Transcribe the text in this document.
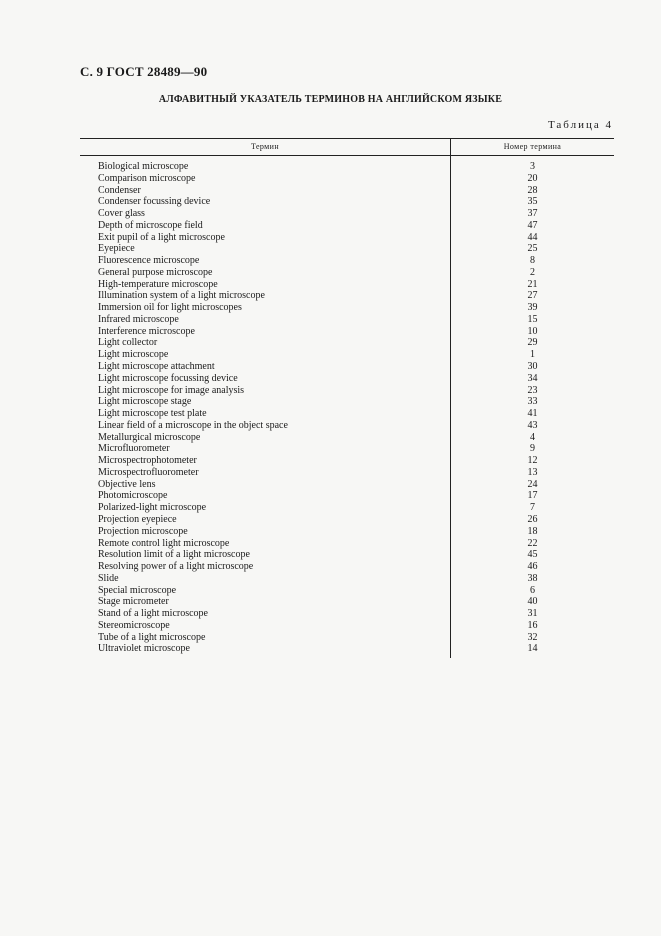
С. 9 ГОСТ 28489—90
АЛФАВИТНЫЙ УКАЗАТЕЛЬ ТЕРМИНОВ НА АНГЛИЙСКОМ ЯЗЫКЕ
Таблица 4
Термин	Номер термина
Biological microscope	3
Comparison microscope	20
Condenser	28
Condenser focussing device	35
Cover glass	37
Depth of microscope field	47
Exit pupil of a light microscope	44
Eyepiece	25
Fluorescence microscope	8
General purpose microscope	2
High-temperature microscope	21
Illumination system of a light microscope	27
Immersion oil for light microscopes	39
Infrared microscope	15
Interference microscope	10
Light collector	29
Light microscope	1
Light microscope attachment	30
Light microscope focussing device	34
Light microscope for image analysis	23
Light microscope stage	33
Light microscope test plate	41
Linear field of a microscope in the object space	43
Metallurgical microscope	4
Microfluorometer	9
Microspectrophotometer	12
Microspectrofluorometer	13
Objective lens	24
Photomicroscope	17
Polarized-light microscope	7
Projection eyepiece	26
Projection microscope	18
Remote control light microscope	22
Resolution limit of a light microscope	45
Resolving power of a light microscope	46
Slide	38
Special microscope	6
Stage micrometer	40
Stand of a light microscope	31
Stereomicroscope	16
Tube of a light microscope	32
Ultraviolet microscope	14
